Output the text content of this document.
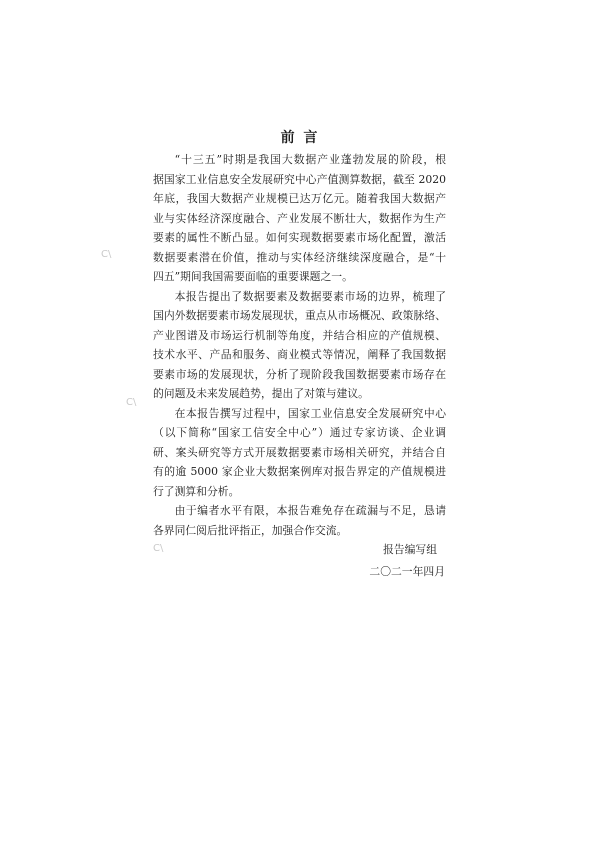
C\
C\
C\
前 言
“十三五”时期是我国大数据产业蓬勃发展的阶段，根
据国家工业信息安全发展研究中心产值测算数据，截至 2020
年底，我国大数据产业规模已达万亿元。随着我国大数据产
业与实体经济深度融合、产业发展不断壮大，数据作为生产
要素的属性不断凸显。如何实现数据要素市场化配置，激活
数据要素潜在价值，推动与实体经济继续深度融合，是“十
四五”期间我国需要面临的重要课题之一。
本报告提出了数据要素及数据要素市场的边界，梳理了
国内外数据要素市场发展现状，重点从市场概况、政策脉络、
产业图谱及市场运行机制等角度，并结合相应的产值规模、
技术水平、产品和服务、商业模式等情况，阐释了我国数据
要素市场的发展现状，分析了现阶段我国数据要素市场存在
的问题及未来发展趋势，提出了对策与建议。
在本报告撰写过程中，国家工业信息安全发展研究中心
（以下简称“国家工信安全中心”）通过专家访谈、企业调
研、案头研究等方式开展数据要素市场相关研究，并结合自
有的逾 5000 家企业大数据案例库对报告界定的产值规模进
行了测算和分析。
由于编者水平有限，本报告难免存在疏漏与不足，恳请
各界同仁阅后批评指正，加强合作交流。
报告编写组
二〇二一年四月
